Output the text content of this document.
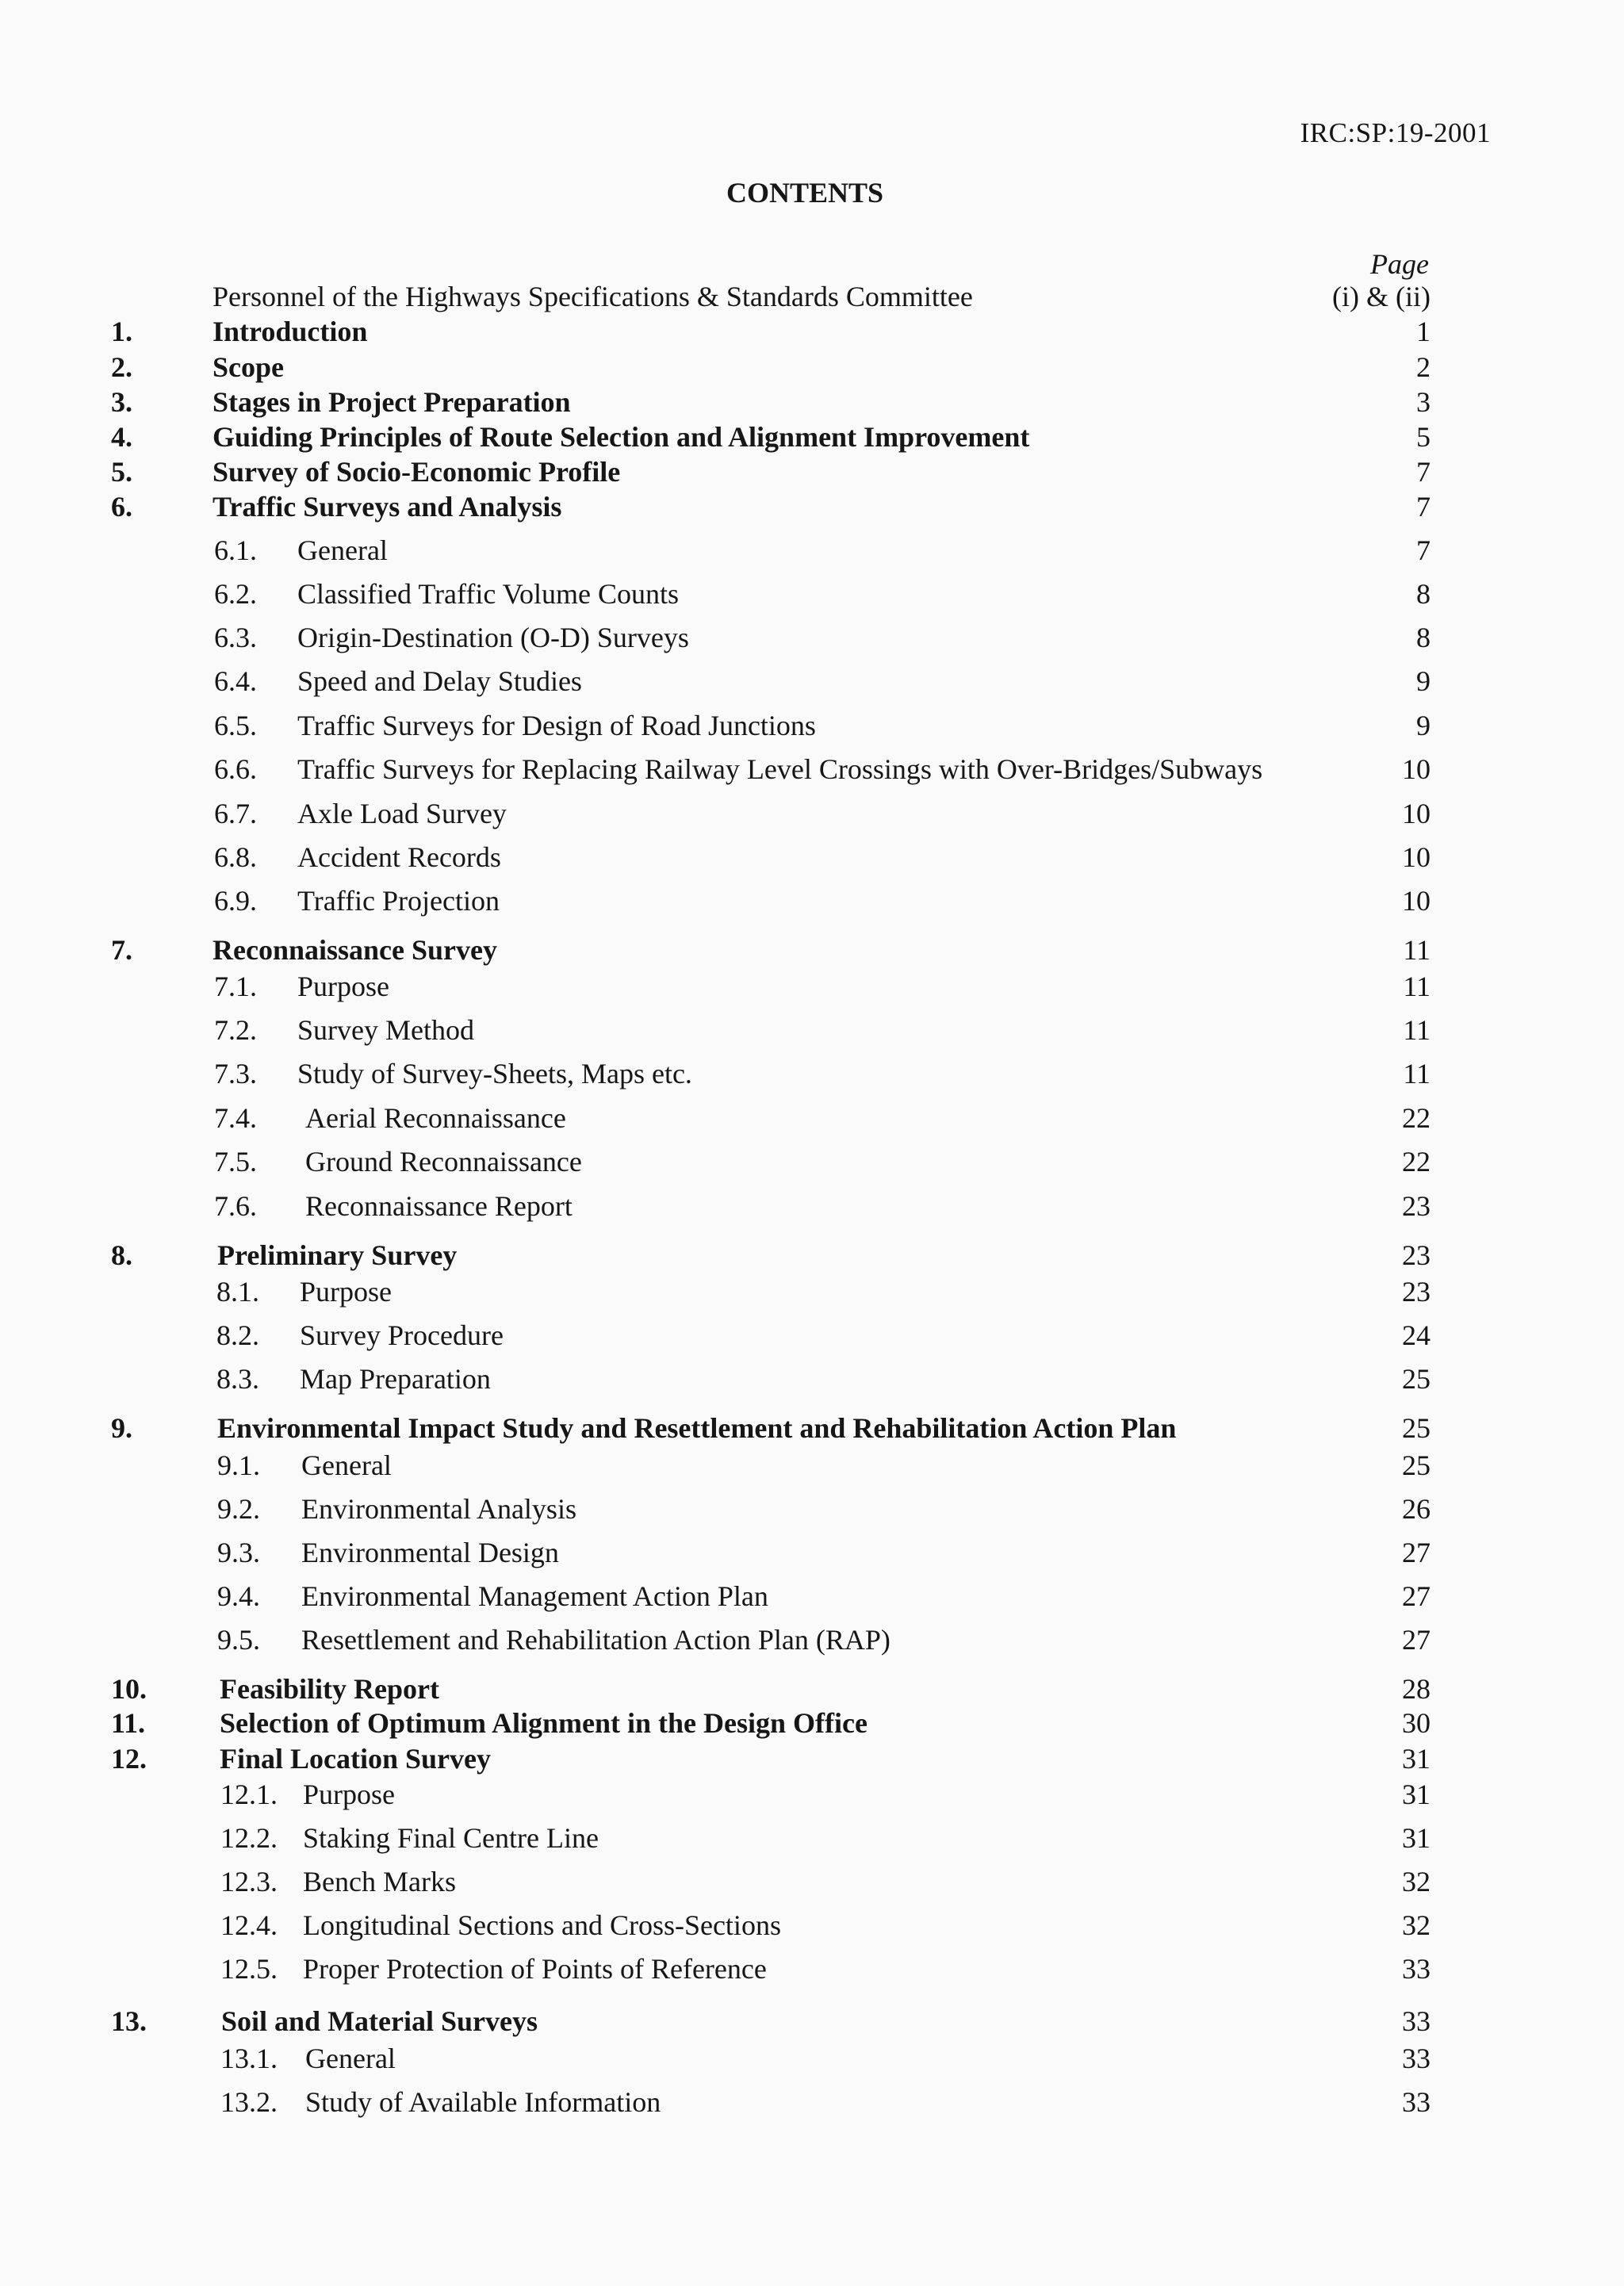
IRC:SP:19-2001
CONTENTS
Page
Personnel of the Highways Specifications & Standards Committee	(i) & (ii)
1.	Introduction	1
2.	Scope	2
3.	Stages in Project Preparation	3
4.	Guiding Principles of Route Selection and Alignment Improvement	5
5.	Survey of Socio-Economic Profile	7
6.	Traffic Surveys and Analysis	7
6.1. General	7
6.2. Classified Traffic Volume Counts	8
6.3. Origin-Destination (O-D) Surveys	8
6.4. Speed and Delay Studies	9
6.5. Traffic Surveys for Design of Road Junctions	9
6.6. Traffic Surveys for Replacing Railway Level Crossings with Over-Bridges/Subways	10
6.7. Axle Load Survey	10
6.8. Accident Records	10
6.9. Traffic Projection	10
7.	Reconnaissance Survey	11
7.1. Purpose	11
7.2. Survey Method	11
7.3. Study of Survey-Sheets, Maps etc.	11
7.4. Aerial Reconnaissance	22
7.5. Ground Reconnaissance	22
7.6. Reconnaissance Report	23
8.	Preliminary Survey	23
8.1. Purpose	23
8.2. Survey Procedure	24
8.3. Map Preparation	25
9.	Environmental Impact Study and Resettlement and Rehabilitation Action Plan	25
9.1. General	25
9.2. Environmental Analysis	26
9.3. Environmental Design	27
9.4. Environmental Management Action Plan	27
9.5. Resettlement and Rehabilitation Action Plan (RAP)	27
10.	Feasibility Report	28
11.	Selection of Optimum Alignment in the Design Office	30
12.	Final Location Survey	31
12.1. Purpose	31
12.2. Staking Final Centre Line	31
12.3. Bench Marks	32
12.4. Longitudinal Sections and Cross-Sections	32
12.5. Proper Protection of Points of Reference	33
13.	Soil and Material Surveys	33
13.1. General	33
13.2. Study of Available Information	33
